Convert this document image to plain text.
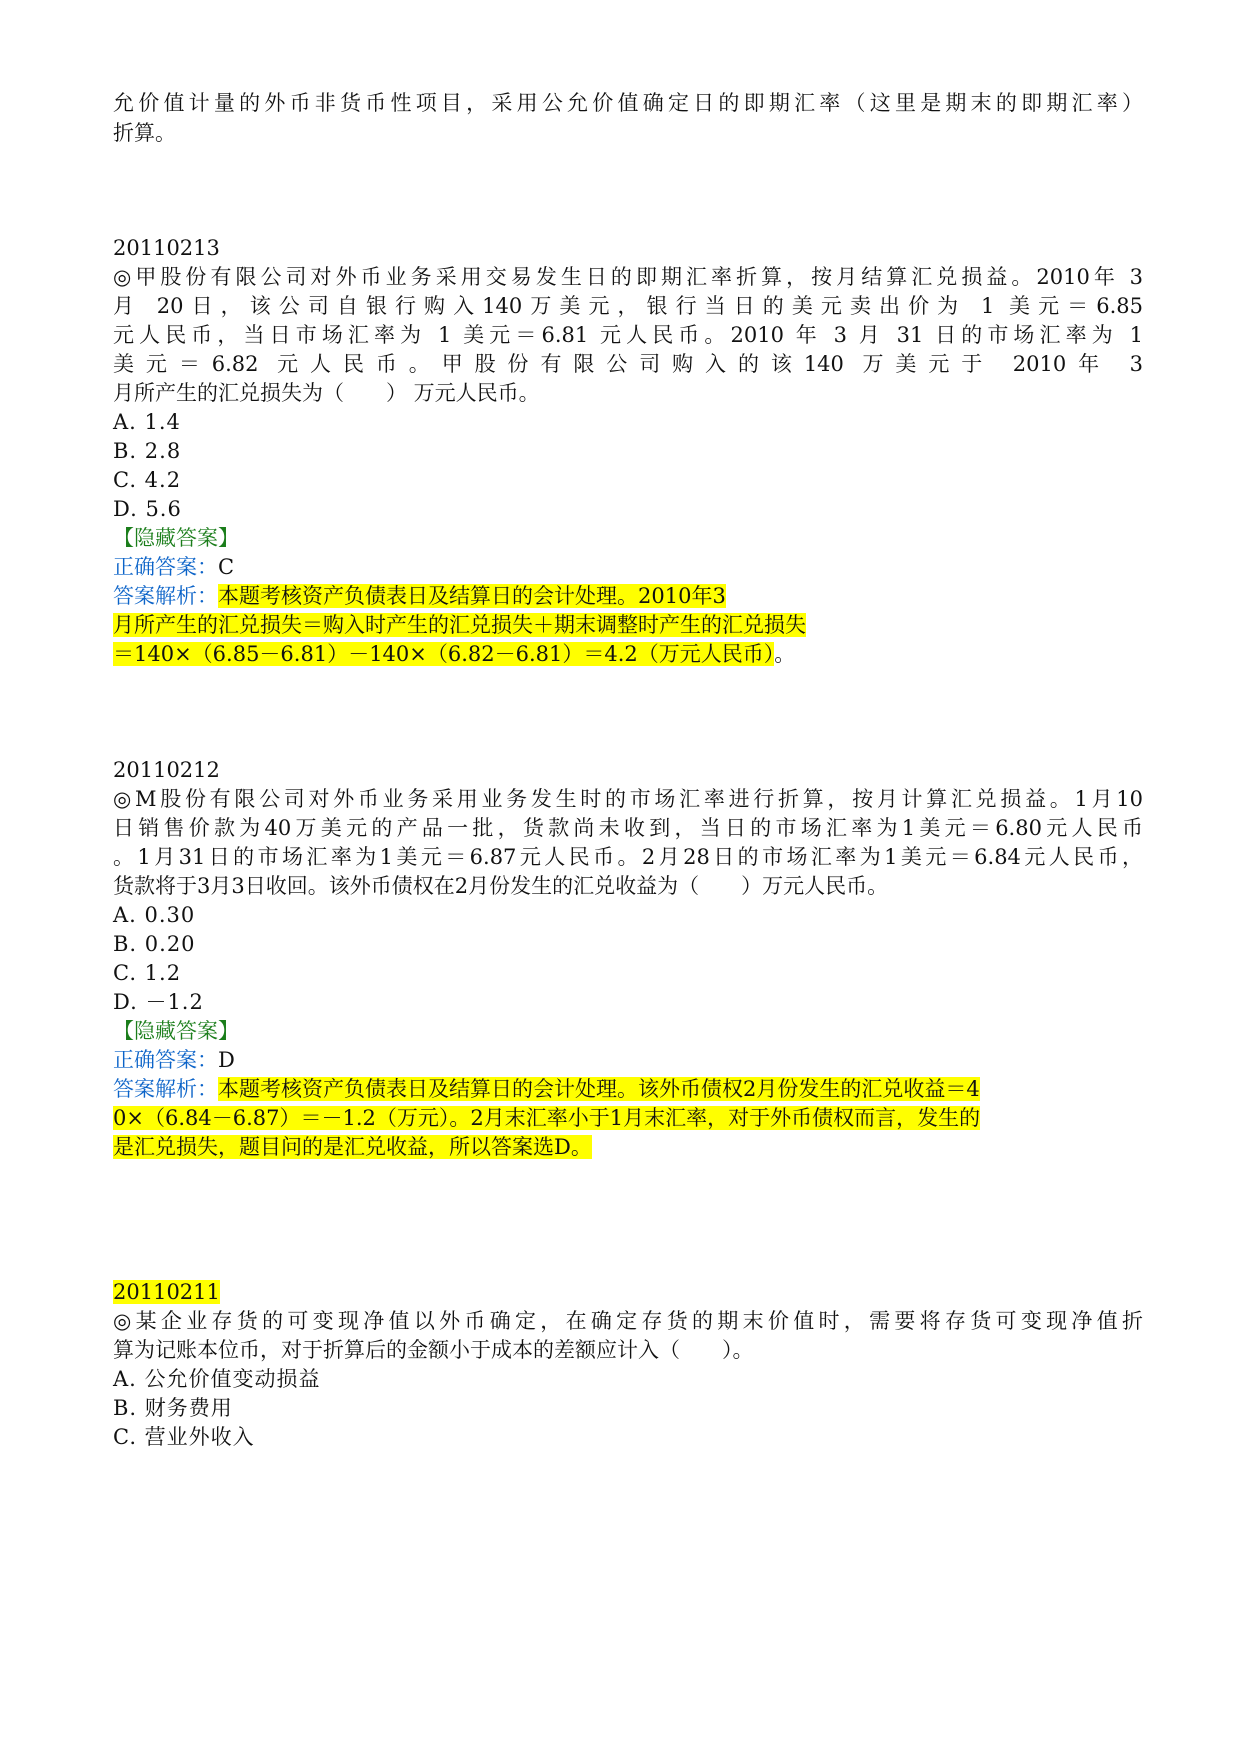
允价值计量的外币非货币性项目，采用公允价值确定日的即期汇率（这里是期末的即期汇率）
折算。
20110213
◎甲股份有限公司对外币业务采用交易发生日的即期汇率折算，按月结算汇兑损益。2010年 3
月 20日，该公司自银行购入140万美元，银行当日的美元卖出价为 1 美元＝6.85
元人民币，当日市场汇率为 1 美元＝6.81 元人民币。2010 年 3 月 31 日的市场汇率为 1
美元＝6.82 元人民币。甲股份有限公司购入的该140 万美元于 2010年 3
月所产生的汇兑损失为（　　） 万元人民币。
A. 1.4
B. 2.8
C. 4.2
D. 5.6
【隐藏答案】
正确答案：C
答案解析：本题考核资产负债表日及结算日的会计处理。2010年3
月所产生的汇兑损失＝购入时产生的汇兑损失＋期末调整时产生的汇兑损失
＝140×（6.85－6.81）－140×（6.82－6.81）＝4.2（万元人民币）。
20110212
◎M股份有限公司对外币业务采用业务发生时的市场汇率进行折算，按月计算汇兑损益。1月10
日销售价款为40万美元的产品一批，货款尚未收到，当日的市场汇率为1美元＝6.80元人民币
。1月31日的市场汇率为1美元＝6.87元人民币。2月28日的市场汇率为1美元＝6.84元人民币，
货款将于3月3日收回。该外币债权在2月份发生的汇兑收益为（　　）万元人民币。
A. 0.30
B. 0.20
C. 1.2
D. －1.2
【隐藏答案】
正确答案：D
答案解析：本题考核资产负债表日及结算日的会计处理。该外币债权2月份发生的汇兑收益＝4
0×（6.84－6.87）＝－1.2（万元）。2月末汇率小于1月末汇率，对于外币债权而言，发生的
是汇兑损失，题目问的是汇兑收益，所以答案选D。
20110211
◎某企业存货的可变现净值以外币确定，在确定存货的期末价值时，需要将存货可变现净值折
算为记账本位币，对于折算后的金额小于成本的差额应计入（　　）。
A. 公允价值变动损益
B. 财务费用
C. 营业外收入
